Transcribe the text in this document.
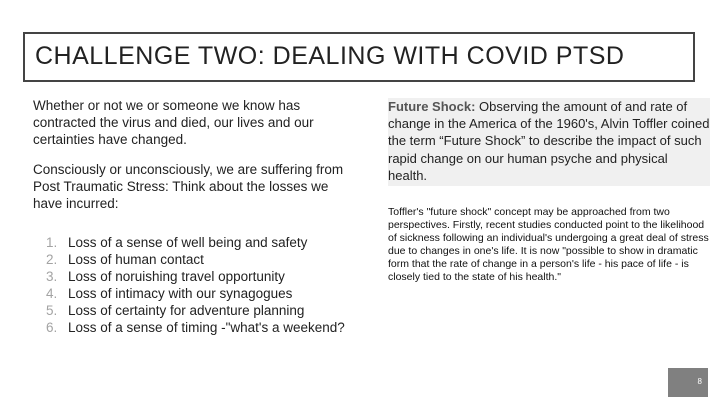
CHALLENGE TWO: DEALING WITH COVID PTSD

Whether or not we or someone we know has contracted the virus and died, our lives and our certainties have changed.

Consciously or unconsciously, we are suffering from Post Traumatic Stress: Think about the losses we have incurred:

1. Loss of a sense of well being and safety
2. Loss of human contact
3. Loss of noruishing travel opportunity
4. Loss of intimacy with our synagogues
5. Loss of certainty for adventure planning
6. Loss of a sense of timing -"what's a weekend?
Future Shock: Observing the amount of and rate of change in the America of the 1960's, Alvin Toffler coined the term “Future Shock” to describe the impact of such rapid change on our human psyche and physical health.
Toffler's "future shock" concept may be approached from two perspectives. Firstly, recent studies conducted point to the likelihood of sickness following an individual's undergoing a great deal of stress due to changes in one's life. It is now "possible to show in dramatic form that the rate of change in a person's life - his pace of life - is closely tied to the state of his health."
8
